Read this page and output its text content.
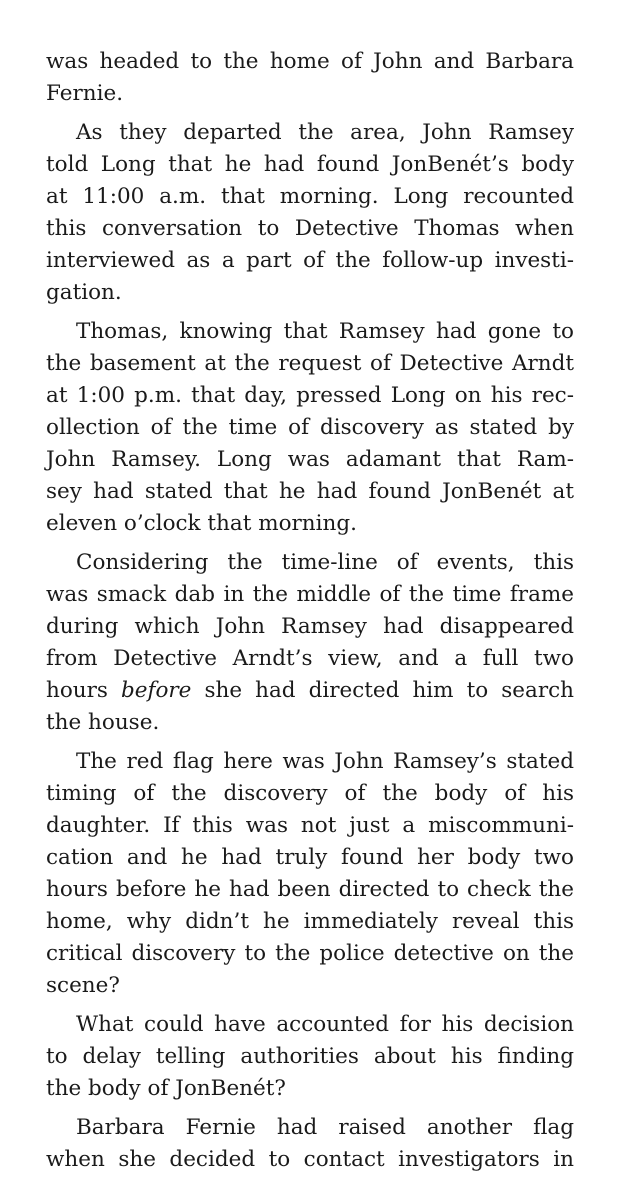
was headed to the home of John and Barbara
Fernie.

As they departed the area, John Ramsey
told Long that he had found JonBenét’s body
at 11:00 a.m. that morning. Long recounted
this conversation to Detective Thomas when
interviewed as a part of the follow-up investi-
gation.

Thomas, knowing that Ramsey had gone to
the basement at the request of Detective Arndt
at 1:00 p.m. that day, pressed Long on his rec-
ollection of the time of discovery as stated by
John Ramsey. Long was adamant that Ram-
sey had stated that he had found JonBenét at
eleven o’clock that morning.

Considering the time-line of events, this
was smack dab in the middle of the time frame
during which John Ramsey had disappeared
from Detective Arndt’s view, and a full two
hours before she had directed him to search
the house.

The red flag here was John Ramsey’s stated
timing of the discovery of the body of his
daughter. If this was not just a miscommuni-
cation and he had truly found her body two
hours before he had been directed to check the
home, why didn’t he immediately reveal this
critical discovery to the police detective on the
scene?

What could have accounted for his decision
to delay telling authorities about his finding
the body of JonBenét?

Barbara Fernie had raised another flag
when she decided to contact investigators in
